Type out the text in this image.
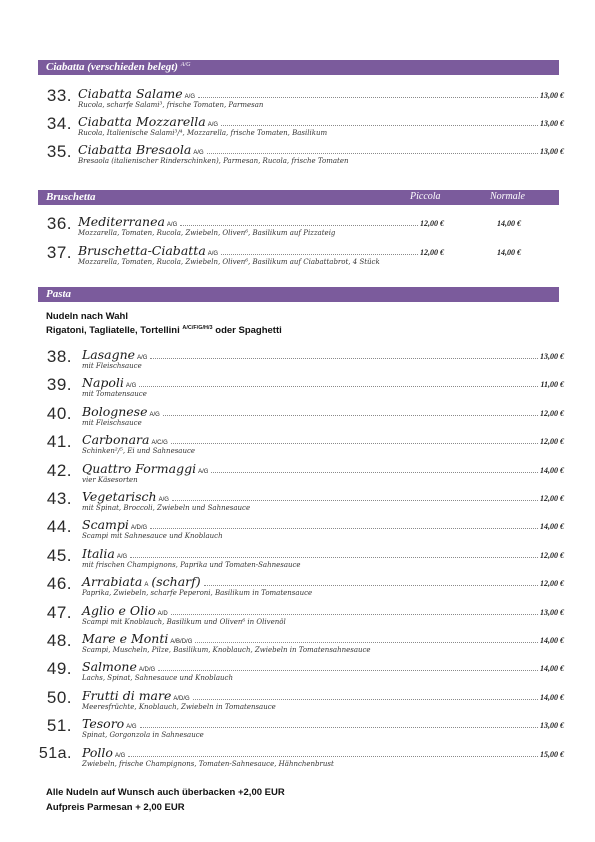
Ciabatta (verschieden belegt) $^{A/G}$
33. Ciabatta Salame $_{A/G}$	13,00 €
Rucola, scharfe Salami³, frische Tomaten, Parmesan
34. Ciabatta Mozzarella $_{A/G}$	13,00 €
Rucola, Italienische Salami³/⁴, Mozzarella, frische Tomaten, Basilikum
35. Ciabatta Bresaola $_{A/G}$	13,00 €
Bresaola (italienischer Rinderschinken), Parmesan, Rucola, frische Tomaten
Bruschetta	Piccola	Normale
36. Mediterranea $_{A/G}$	12,00 €	14,00 €
Mozzarella, Tomaten, Rucola, Zwiebeln, Oliven⁶, Basilikum auf Pizzateig
37. Bruschetta-Ciabatta $_{A/G}$	12,00 €	14,00 €
Mozzarella, Tomaten, Rucola, Zwiebeln, Oliven⁶, Basilikum auf Ciabattabrot, 4 Stück
Pasta
Nudeln nach Wahl
Rigatoni, Tagliatelle, Tortellini $^{A/C/F/G/H/3}$ oder Spaghetti
38. Lasagne $_{A/G}$	13,00 €
mit Fleischsauce
39. Napoli $_{A/G}$	11,00 €
mit Tomatensauce
40. Bolognese $_{A/G}$	12,00 €
mit Fleischsauce
41. Carbonara $_{A/C/G}$	12,00 €
Schinken²/⁵, Ei und Sahnesauce
42. Quattro Formaggi $_{A/G}$	14,00 €
vier Käsesorten
43. Vegetarisch $_{A/G}$	12,00 €
mit Spinat, Broccoli, Zwiebeln und Sahnesauce
44. Scampi $_{A/D/G}$	14,00 €
Scampi mit Sahnesauce und Knoblauch
45. Italia $_{A/G}$	12,00 €
mit frischen Champignons, Paprika und Tomaten-Sahnesauce
46. Arrabiata $_A$ (scharf)	12,00 €
Paprika, Zwiebeln, scharfe Peperoni, Basilikum in Tomatensauce
47. Aglio e Olio $_{A/D}$	13,00 €
Scampi mit Knoblauch, Basilikum und Oliven⁶ in Olivenöl
48. Mare e Monti $_{A/B/D/G}$	14,00 €
Scampi, Muscheln, Pilze, Basilikum, Knoblauch, Zwiebeln in Tomatensahnesauce
49. Salmone $_{A/D/G}$	14,00 €
Lachs, Spinat, Sahnesauce und Knoblauch
50. Frutti di mare $_{A/D/G}$	14,00 €
Meeresfrüchte, Knoblauch, Zwiebeln in Tomatensauce
51. Tesoro $_{A/G}$	13,00 €
Spinat, Gorgonzola in Sahnesauce
51a. Pollo $_{A/G}$	15,00 €
Zwiebeln, frische Champignons, Tomaten-Sahnesauce, Hähnchenbrust
Alle Nudeln auf Wunsch auch überbacken +2,00 EUR
Aufpreis Parmesan + 2,00 EUR
